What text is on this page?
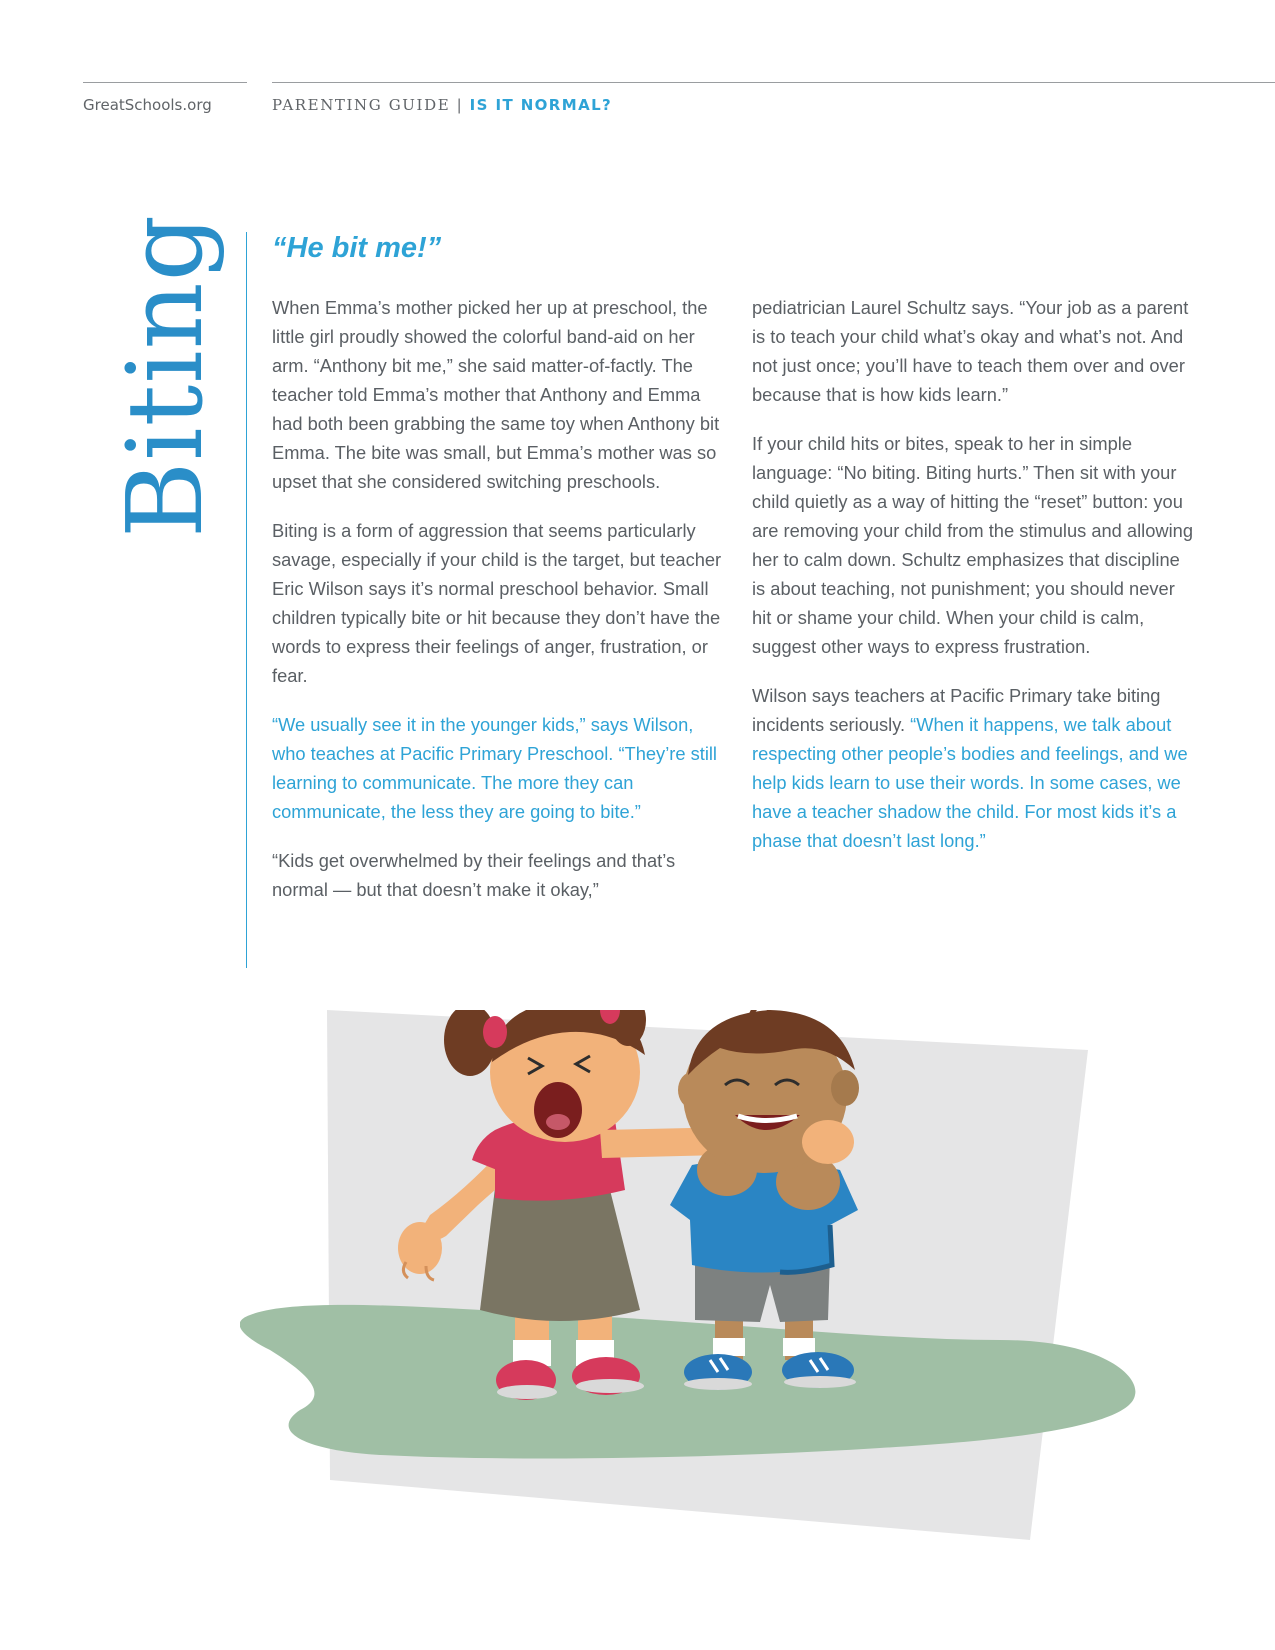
GreatSchools.org	PARENTING GUIDE | IS IT NORMAL?
Biting “He bit me!”

When Emma’s mother picked her up at preschool, the little girl proudly showed the colorful band-aid on her arm. “Anthony bit me,” she said matter-of-factly. The teacher told Emma’s mother that Anthony and Emma had both been grabbing the same toy when Anthony bit Emma. The bite was small, but Emma’s mother was so upset that she considered switching preschools.

Biting is a form of aggression that seems particularly savage, especially if your child is the target, but teacher Eric Wilson says it’s normal preschool behavior. Small children typically bite or hit because they don’t have the words to express their feelings of anger, frustration, or fear.

“We usually see it in the younger kids,” says Wilson, who teaches at Pacific Primary Preschool. “They’re still learning to communicate. The more they can communicate, the less they are going to bite.”

“Kids get overwhelmed by their feelings and that’s normal — but that doesn’t make it okay,”

pediatrician Laurel Schultz says. “Your job as a parent is to teach your child what’s okay and what’s not. And not just once; you’ll have to teach them over and over because that is how kids learn.”

If your child hits or bites, speak to her in simple language: “No biting. Biting hurts.” Then sit with your child quietly as a way of hitting the “reset” button: you are removing your child from the stimulus and allowing her to calm down. Schultz emphasizes that discipline is about teaching, not punishment; you should never hit or shame your child. When your child is calm, suggest other ways to express frustration.

Wilson says teachers at Pacific Primary take biting incidents seriously. “When it happens, we talk about respecting other people’s bodies and feelings, and we help kids learn to use their words. In some cases, we have a teacher shadow the child. For most kids it’s a phase that doesn’t last long.”
